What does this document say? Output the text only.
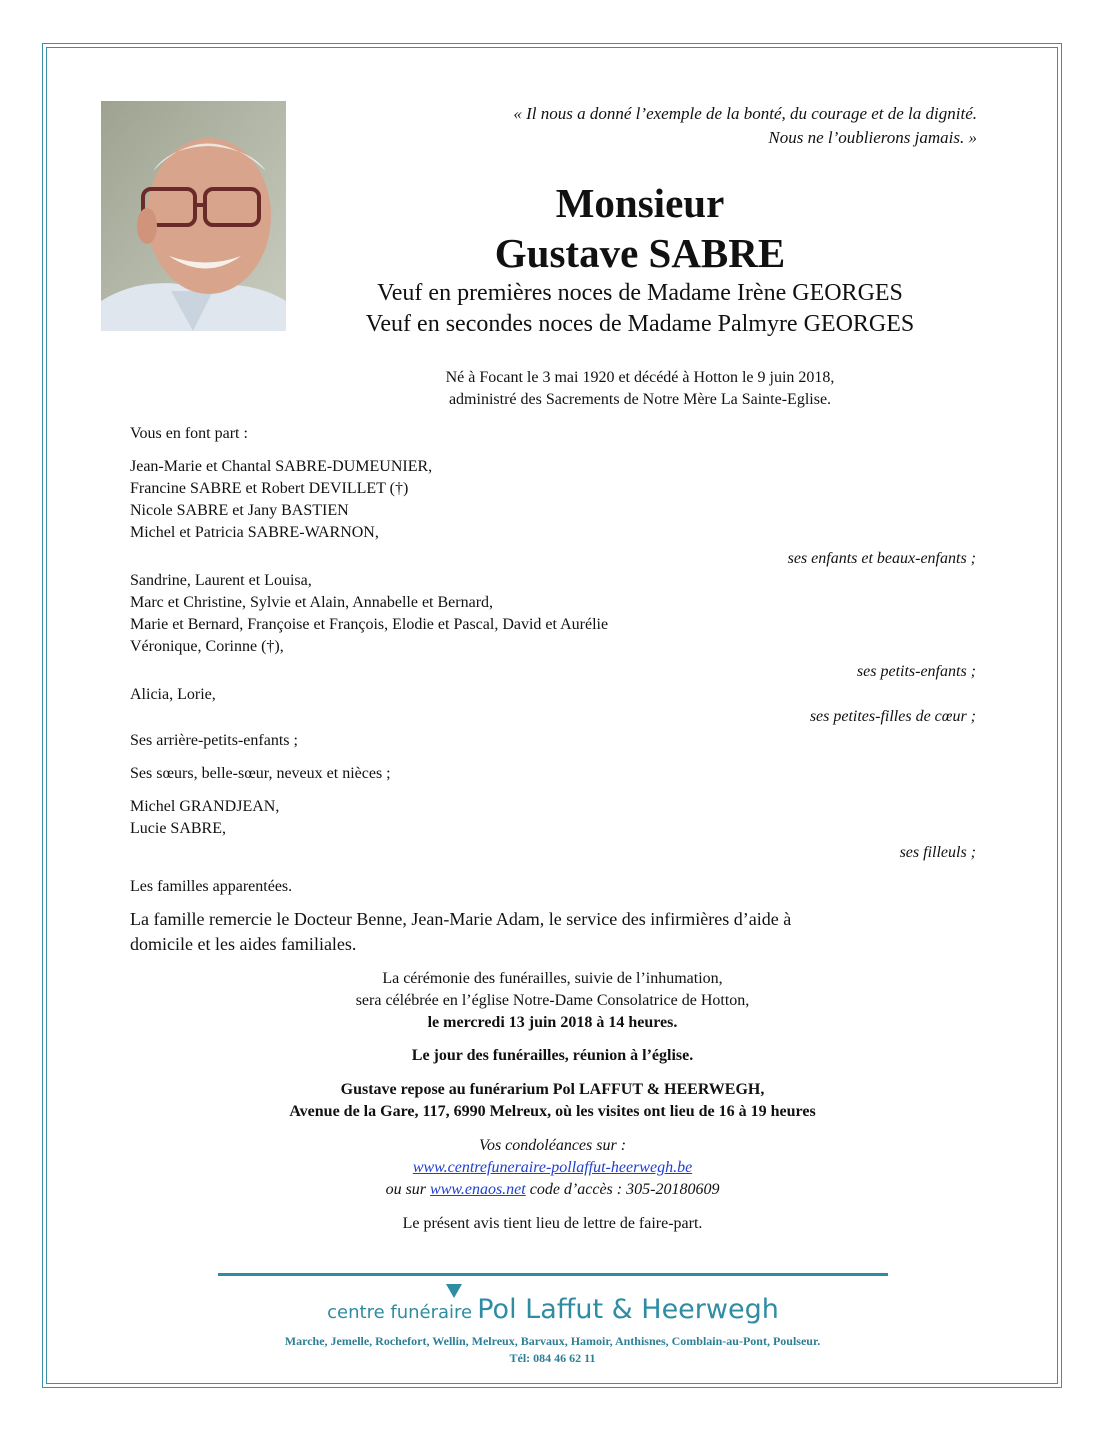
« Il nous a donné l’exemple de la bonté, du courage et de la dignité.
Nous ne l’oublierons jamais. »
Monsieur
Gustave SABRE
Veuf en premières noces de Madame Irène GEORGES
Veuf en secondes noces de Madame Palmyre GEORGES
Né à Focant le 3 mai 1920 et décédé à Hotton le 9 juin 2018,
administré des Sacrements de Notre Mère La Sainte-Eglise.
Vous en font part :
Jean-Marie et Chantal SABRE-DUMEUNIER,
Francine SABRE et Robert DEVILLET (†)
Nicole SABRE et Jany BASTIEN
Michel et Patricia SABRE-WARNON,
ses enfants et beaux-enfants ;
Sandrine, Laurent et Louisa,
Marc et Christine, Sylvie et Alain, Annabelle et Bernard,
Marie et Bernard, Françoise et François, Elodie et Pascal, David et Aurélie
Véronique, Corinne (†),
ses petits-enfants ;
Alicia, Lorie,
ses petites-filles de cœur ;
Ses arrière-petits-enfants ;
Ses sœurs, belle-sœur, neveux et nièces ;
Michel GRANDJEAN,
Lucie SABRE,
ses filleuls ;
Les familles apparentées.
La famille remercie le Docteur Benne, Jean-Marie Adam, le service des infirmières d’aide à
domicile et les aides familiales.
La cérémonie des funérailles, suivie de l’inhumation,
sera célébrée en l’église Notre-Dame Consolatrice de Hotton,
le mercredi 13 juin 2018 à 14 heures.
Le jour des funérailles, réunion à l’église.
Gustave repose au funérarium Pol LAFFUT & HEERWEGH,
Avenue de la Gare, 117, 6990 Melreux, où les visites ont lieu de 16 à 19 heures
Vos condoléances sur :
www.centrefuneraire-pollaffut-heerwegh.be
ou sur www.enaos.net code d’accès : 305-20180609
Le présent avis tient lieu de lettre de faire-part.
centre funéraire Pol Laffut & Heerwegh
Marche, Jemelle, Rochefort, Wellin, Melreux, Barvaux, Hamoir, Anthisnes, Comblain-au-Pont, Poulseur.
Tél: 084 46 62 11
